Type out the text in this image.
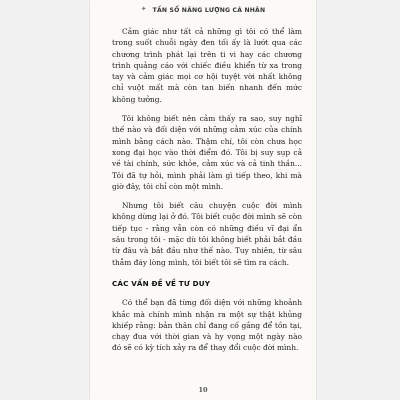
✦ TẦN SỐ NĂNG LƯỢNG CÁ NHÂN

Cảm giác như tất cả những gì tôi có thể làm trong suốt chuỗi ngày đen tối ấy là lướt qua các chương trình phát lại trên ti vi hay các chương trình quảng cáo với chiếc điều khiển từ xa trong tay và cảm giác mọi cơ hội tuyệt vời nhất không chỉ vuột mất mà còn tan biến nhanh đến mức không tưởng.

Tôi không biết nên cảm thấy ra sao, suy nghĩ thế nào và đối diện với những cảm xúc của chính mình bằng cách nào. Thậm chí, tôi còn chưa học xong đại học vào thời điểm đó. Tôi bị suy sụp cả về tài chính, sức khỏe, cảm xúc và cả tinh thần... Tôi đã tự hỏi, mình phải làm gì tiếp theo, khi mà giờ đây, tôi chỉ còn một mình.

Nhưng tôi biết câu chuyện cuộc đời mình không dừng lại ở đó. Tôi biết cuộc đời mình sẽ còn tiếp tục - rằng vẫn còn có những điều vĩ đại ẩn sâu trong tôi - mặc dù tôi không biết phải bắt đầu từ đâu và bắt đầu như thế nào. Tuy nhiên, từ sâu thẳm đáy lòng mình, tôi biết tôi sẽ tìm ra cách.

CÁC VẤN ĐỀ VỀ TƯ DUY

Có thể bạn đã từng đối diện với những khoảnh khắc mà chính mình nhận ra một sự thật khủng khiếp rằng: bản thân chỉ đang cố gắng để tồn tại, chạy đua với thời gian và hy vọng một ngày nào đó sẽ có kỳ tích xảy ra để thay đổi cuộc đời mình.

10
